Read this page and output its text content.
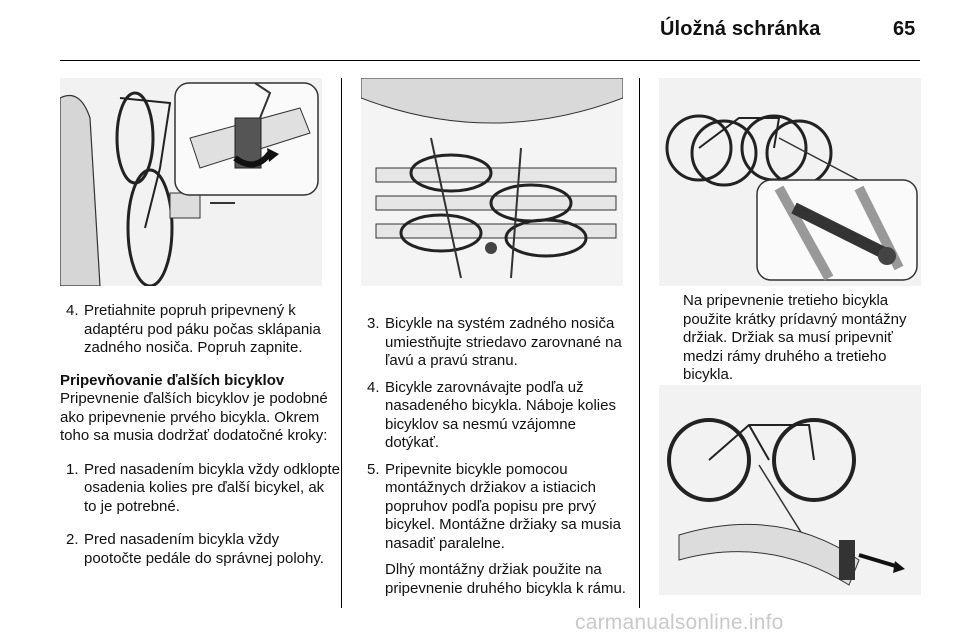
Úložná schránka	65
4. Pretiahnite popruh pripevnený k adaptéru pod páku počas sklápania zadného nosiča. Popruh zapnite.

Pripevňovanie ďalších bicyklov

Pripevnenie ďalších bicyklov je podobné ako pripevnenie prvého bicykla. Okrem toho sa musia dodržať dodatočné kroky:

1. Pred nasadením bicykla vždy odklopte osadenia kolies pre ďalší bicykel, ak to je potrebné.

2. Pred nasadením bicykla vždy pootočte pedále do správnej polohy.

3. Bicykle na systém zadného nosiča umiestňujte striedavo zarovnané na ľavú a pravú stranu.

4. Bicykle zarovnávajte podľa už nasadeného bicykla. Náboje kolies bicyklov sa nesmú vzájomne dotýkať.

5. Pripevnite bicykle pomocou montážnych držiakov a istiacich popruhov podľa popisu pre prvý bicykel. Montážne držiaky sa musia nasadiť paralelne.

Dlhý montážny držiak použite na pripevnenie druhého bicykla k rámu.

Na pripevnenie tretieho bicykla použite krátky prídavný montážny držiak. Držiak sa musí pripevniť medzi rámy druhého a tretieho bicykla.

carmanualsonline.info
